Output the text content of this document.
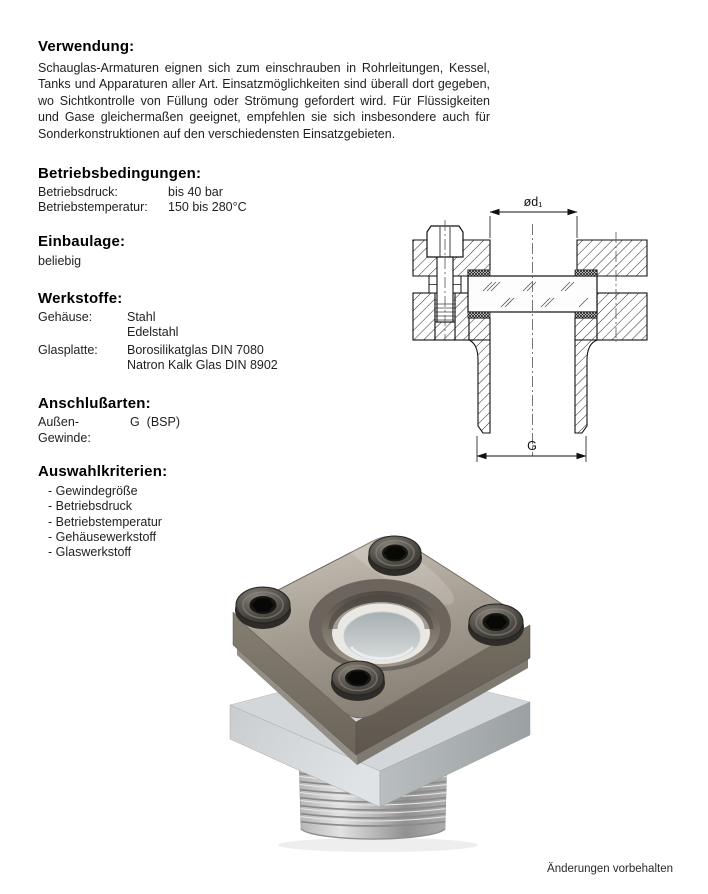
Verwendung:

Schauglas-Armaturen eignen sich zum einschrauben in Rohrleitungen, Kessel, Tanks und Apparaturen aller Art. Einsatzmöglichkeiten sind überall dort gegeben, wo Sichtkontrolle von Füllung oder Strömung gefordert wird. Für Flüssigkeiten und Gase gleichermaßen geeignet, empfehlen sie sich insbesondere auch für Sonderkonstruktionen auf den verschiedensten Einsatzgebieten.

Betriebsbedingungen:
Betriebsdruck:	bis 40 bar
Betriebstemperatur:	150 bis 280°C
Einbaulage:
beliebig
Werkstoffe:
Gehäuse:	Stahl
Edelstahl
Glasplatte:	Borosilikatglas DIN 7080
Natron Kalk Glas DIN 8902
Anschlußarten:
Außen-Gewinde:
G  (BSP)
Auswahlkriterien:
- Gewindegröße
- Betriebsdruck
- Betriebstemperatur
- Gehäusewerkstoff
- Glaswerkstoff
ød₁
G
Änderungen vorbehalten
